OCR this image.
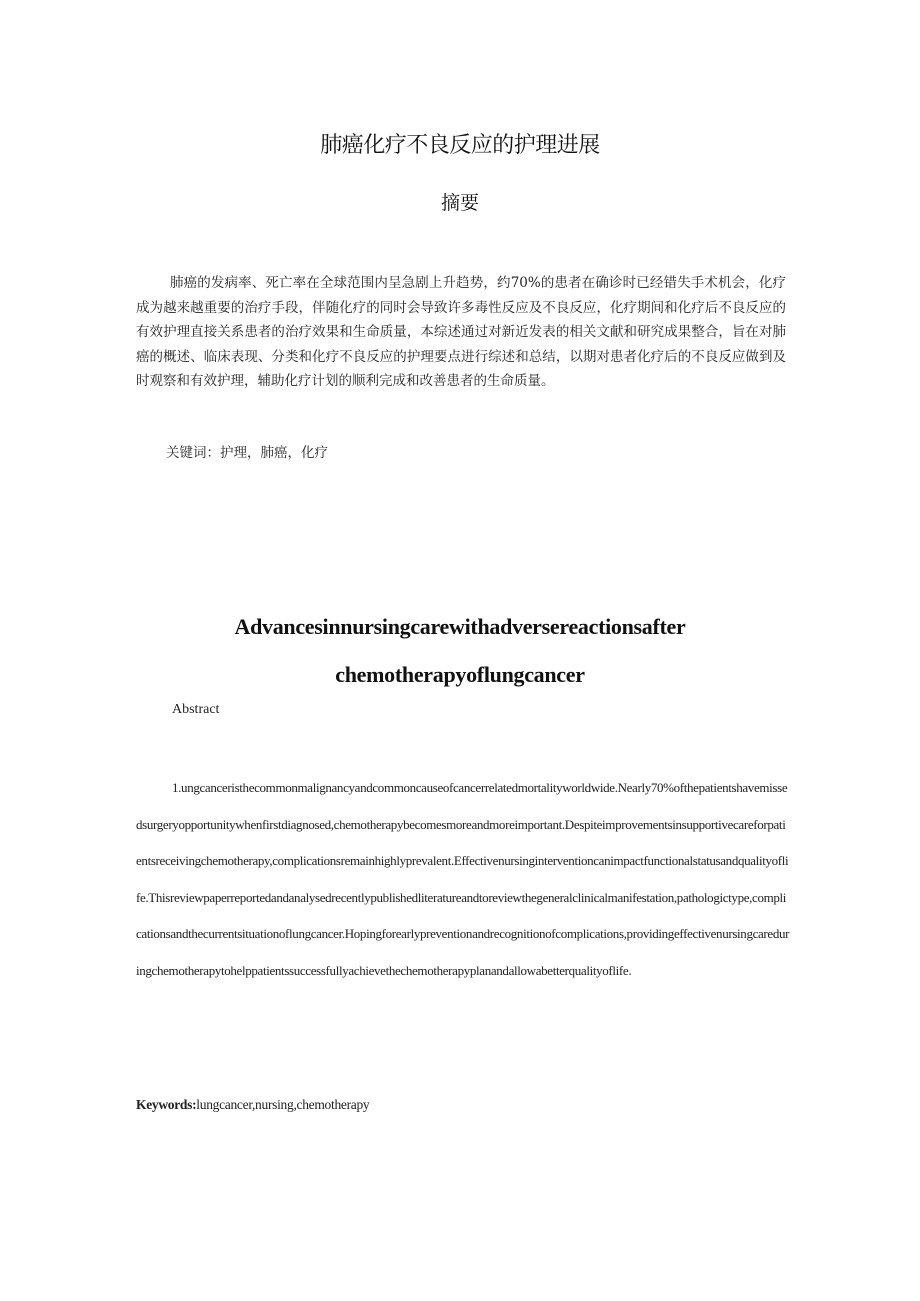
肺癌化疗不良反应的护理进展
摘要

肺癌的发病率、死亡率在全球范围内呈急剧上升趋势，约70%的患者在确诊时已经错失手术机会，化疗成为越来越重要的治疗手段，伴随化疗的同时会导致许多毒性反应及不良反应，化疗期间和化疗后不良反应的有效护理直接关系患者的治疗效果和生命质量，本综述通过对新近发表的相关文献和研究成果整合，旨在对肺癌的概述、临床表现、分类和化疗不良反应的护理要点进行综述和总结，以期对患者化疗后的不良反应做到及时观察和有效护理，辅助化疗计划的顺利完成和改善患者的生命质量。

关键词：护理，肺癌，化疗
Advancesinnursingcarewithadversereactionsafter
chemotherapyoflungcancer
Abstract

1.ungcanceristhecommonmalignancyandcommoncauseofcancerrelatedmortalityworldwide.Nearly70%ofthepatientshavemissedsurgeryopportunitywhenfirstdiagnosed,chemotherapybecomesmoreandmoreimportant.Despiteimprovementsinsupportivecareforpatientsreceivingchemotherapy,complicationsremainhighlyprevalent.Effectivenursinginterventioncanimpactfunctionalstatusandqualityoflife.Thisreviewpaperreportedandanalysedrecentlypublishedliteratureandtoreviewthegeneralclinicalmanifestation,pathologictype,complicationsandthecurrentsituationoflungcancer.Hopingforearlypreventionandrecognitionofcomplications,providingeffectivenursingcareduringchemotherapytohelppatientssuccessfullyachievethechemotherapyplanandallowabetterqualityoflife.

Keywords:lungcancer,nursing,chemotherapy
